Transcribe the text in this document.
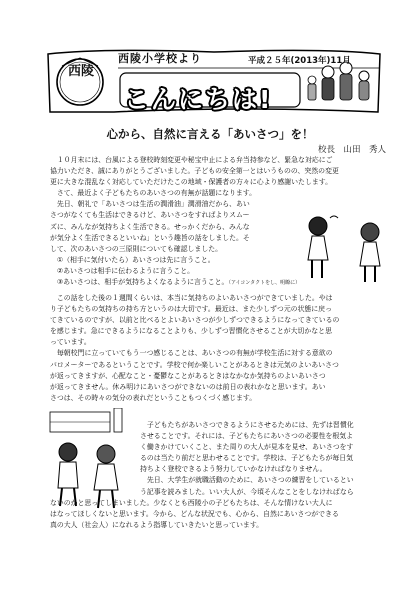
西陵小学校より	平成２５年(2013年)11月
こんにちは!
西陵
心から、自然に言える「あいさつ」を！
校長　山田　秀人

　１０月末には、台風による登校時刻変更や秘宝中止による弁当持参など、緊急な対応にご

協力いただき、誠にありがとうございました。子どもの安全第一とはいうものの、突然の変更

更に大きな混乱なく対応していただけたこの地域・保護者の方々に心より感謝いたします。

　さて、最近よく子どもたちのあいさつの有無が話題になります。

　先日、朝礼で「あいさつは生活の潤滑油」潤滑油だから、あい

さつがなくても生活はできるけど、あいさつをすればよりスムー

ズに、みんなが気持ちよく生活できる。せっかくだから、みんな

が気分よく生活できるといいね」という趣旨の話をしました。そ

して、次のあいさつの三原則についても確認しました。

　①（相手に気付いたら）あいさつは先に言うこと。

　②あいさつは相手に伝わるように言うこと。

　③あいさつは、相手が気持ちよくなるように言うこと。（アイコンタクトをし、明瞭に）

　この話をした後の１週間くらいは、本当に気持ちのよいあいさつができていました。やは

り子どもたちの気持ちの持ち方というのは大切です。最近は、また少しずつ元の状態に戻っ

てきているのですが、以前と比べるとよいあいさつが少しずつできるようになってきているの

を感じます。急にできるようになることよりも、少しずつ習慣化させることが大切かなと思

っています。

　毎朝校門に立っていてもう一つ感じることは、あいさつの有無が学校生活に対する意欲の

バロメーターであるということです。学校で何か楽しいことがあるときは元気のよいあいさつ

が返ってきますが、心配なこと・憂鬱なことがあるときはなかなか気持ちのよいあいさつ

が返ってきません。休み明けにあいさつができないのは前日の表れかなと思います。あい

さつは、その時々の気分の表れだということもつくづく感じます。

　子どもたちがあいさつできるようにさせるためには、先ずは習慣化

させることです。それには、子どもたちにあいさつの必要性を根気よ

く働きかけていくこと、また周りの大人が見本を見せ、あいさつをす

るのは当たり前だと思わせることです。学校は、子どもたちが毎日気

持ちよく登校できるよう努力していかなければなりません。

　先日、大学生が就職活動のために、あいさつの練習をしているとい

う記事を読みました。いい大人が、今頃そんなことをしなければなら

ないのかと思ってしまいました。少なくとも西陵小の子どもたちは、そんな情けない大人に

はなってほしくないと思います。今から、どんな状況でも、心から、自然にあいさつができる

真の大人（社会人）になれるよう指導していきたいと思っています。
